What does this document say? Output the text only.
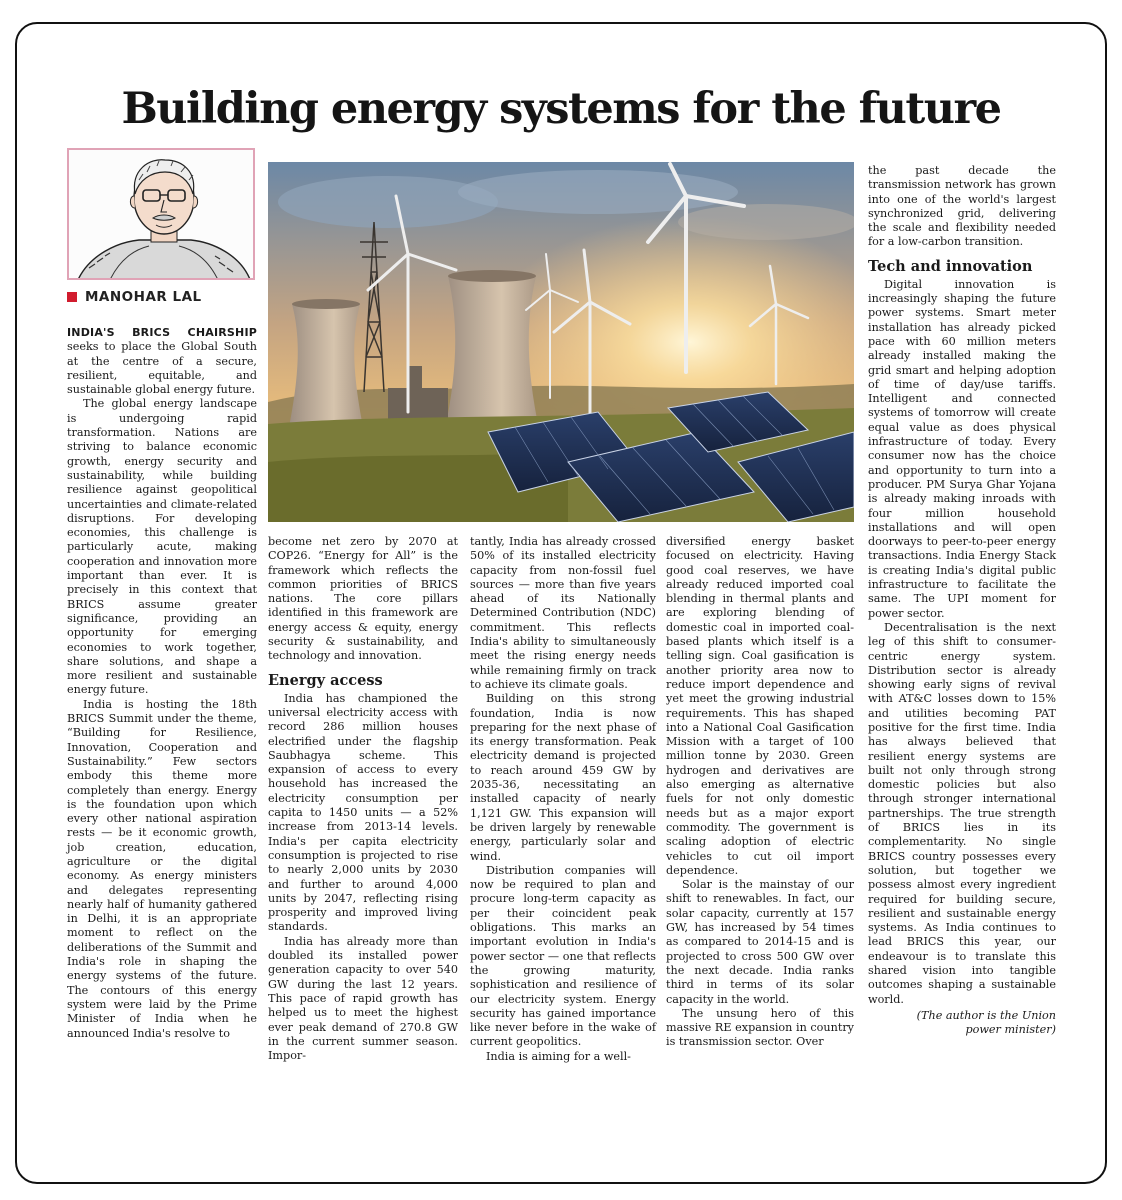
Building energy systems for the future
MANOHAR LAL

INDIA'S BRICS CHAIRSHIP seeks to place the Global South at the centre of a secure, resilient, equitable, and sustainable global energy future.

The global energy landscape is undergoing rapid transformation. Nations are striving to balance economic growth, energy security and sustainability, while building resilience against geopolitical uncertainties and climate-related disruptions. For developing economies, this challenge is particularly acute, making cooperation and innovation more important than ever. It is precisely in this context that BRICS assume greater significance, providing an opportunity for emerging economies to work together, share solutions, and shape a more resilient and sustainable energy future.

India is hosting the 18th BRICS Summit under the theme, “Building for Resilience, Innovation, Cooperation and Sustainability.” Few sectors embody this theme more completely than energy. Energy is the foundation upon which every other national aspiration rests — be it economic growth, job creation, education, agriculture or the digital economy. As energy ministers and delegates representing nearly half of humanity gathered in Delhi, it is an appropriate moment to reflect on the deliberations of the Summit and India's role in shaping the energy systems of the future. The contours of this energy system were laid by the Prime Minister of India when he announced India's resolve to

become net zero by 2070 at COP26. “Energy for All” is the framework which reflects the common priorities of BRICS nations. The core pillars identified in this framework are energy access & equity, energy security & sustainability, and technology and innovation.

Energy access

India has championed the universal electricity access with record 286 million houses electrified under the flagship Saubhagya scheme. This expansion of access to every household has increased the electricity consumption per capita to 1450 units — a 52% increase from 2013-14 levels. India's per capita electricity consumption is projected to rise to nearly 2,000 units by 2030 and further to around 4,000 units by 2047, reflecting rising prosperity and improved living standards.

India has already more than doubled its installed power generation capacity to over 540 GW during the last 12 years. This pace of rapid growth has helped us to meet the highest ever peak demand of 270.8 GW in the current summer season. Impor-

tantly, India has already crossed 50% of its installed electricity capacity from non-fossil fuel sources — more than five years ahead of its Nationally Determined Contribution (NDC) commitment. This reflects India's ability to simultaneously meet the rising energy needs while remaining firmly on track to achieve its climate goals.

Building on this strong foundation, India is now preparing for the next phase of its energy transformation. Peak electricity demand is projected to reach around 459 GW by 2035-36, necessitating an installed capacity of nearly 1,121 GW. This expansion will be driven largely by renewable energy, particularly solar and wind.

Distribution companies will now be required to plan and procure long-term capacity as per their coincident peak obligations. This marks an important evolution in India's power sector — one that reflects the growing maturity, sophistication and resilience of our electricity system. Energy security has gained importance like never before in the wake of current geopolitics.

India is aiming for a well-

diversified energy basket focused on electricity. Having good coal reserves, we have already reduced imported coal blending in thermal plants and are exploring blending of domestic coal in imported coal-based plants which itself is a telling sign. Coal gasification is another priority area now to reduce import dependence and yet meet the growing industrial requirements. This has shaped into a National Coal Gasification Mission with a target of 100 million tonne by 2030. Green hydrogen and derivatives are also emerging as alternative fuels for not only domestic needs but as a major export commodity. The government is scaling adoption of electric vehicles to cut oil import dependence.

Solar is the mainstay of our shift to renewables. In fact, our solar capacity, currently at 157 GW, has increased by 54 times as compared to 2014-15 and is projected to cross 500 GW over the next decade. India ranks third in terms of its solar capacity in the world.

The unsung hero of this massive RE expansion in country is transmission sector. Over

the past decade the transmission network has grown into one of the world's largest synchronized grid, delivering the scale and flexibility needed for a low-carbon transition.

Tech and innovation

Digital innovation is increasingly shaping the future power systems. Smart meter installation has already picked pace with 60 million meters already installed making the grid smart and helping adoption of time of day/use tariffs. Intelligent and connected systems of tomorrow will create equal value as does physical infrastructure of today. Every consumer now has the choice and opportunity to turn into a producer. PM Surya Ghar Yojana is already making inroads with four million household installations and will open doorways to peer-to-peer energy transactions. India Energy Stack is creating India's digital public infrastructure to facilitate the same. The UPI moment for power sector.

Decentralisation is the next leg of this shift to consumer-centric energy system. Distribution sector is already showing early signs of revival with AT&C losses down to 15% and utilities becoming PAT positive for the first time. India has always believed that resilient energy systems are built not only through strong domestic policies but also through stronger international partnerships. The true strength of BRICS lies in its complementarity. No single BRICS country possesses every solution, but together we possess almost every ingredient required for building secure, resilient and sustainable energy systems. As India continues to lead BRICS this year, our endeavour is to translate this shared vision into tangible outcomes shaping a sustainable world.

(The author is the Union power minister)
